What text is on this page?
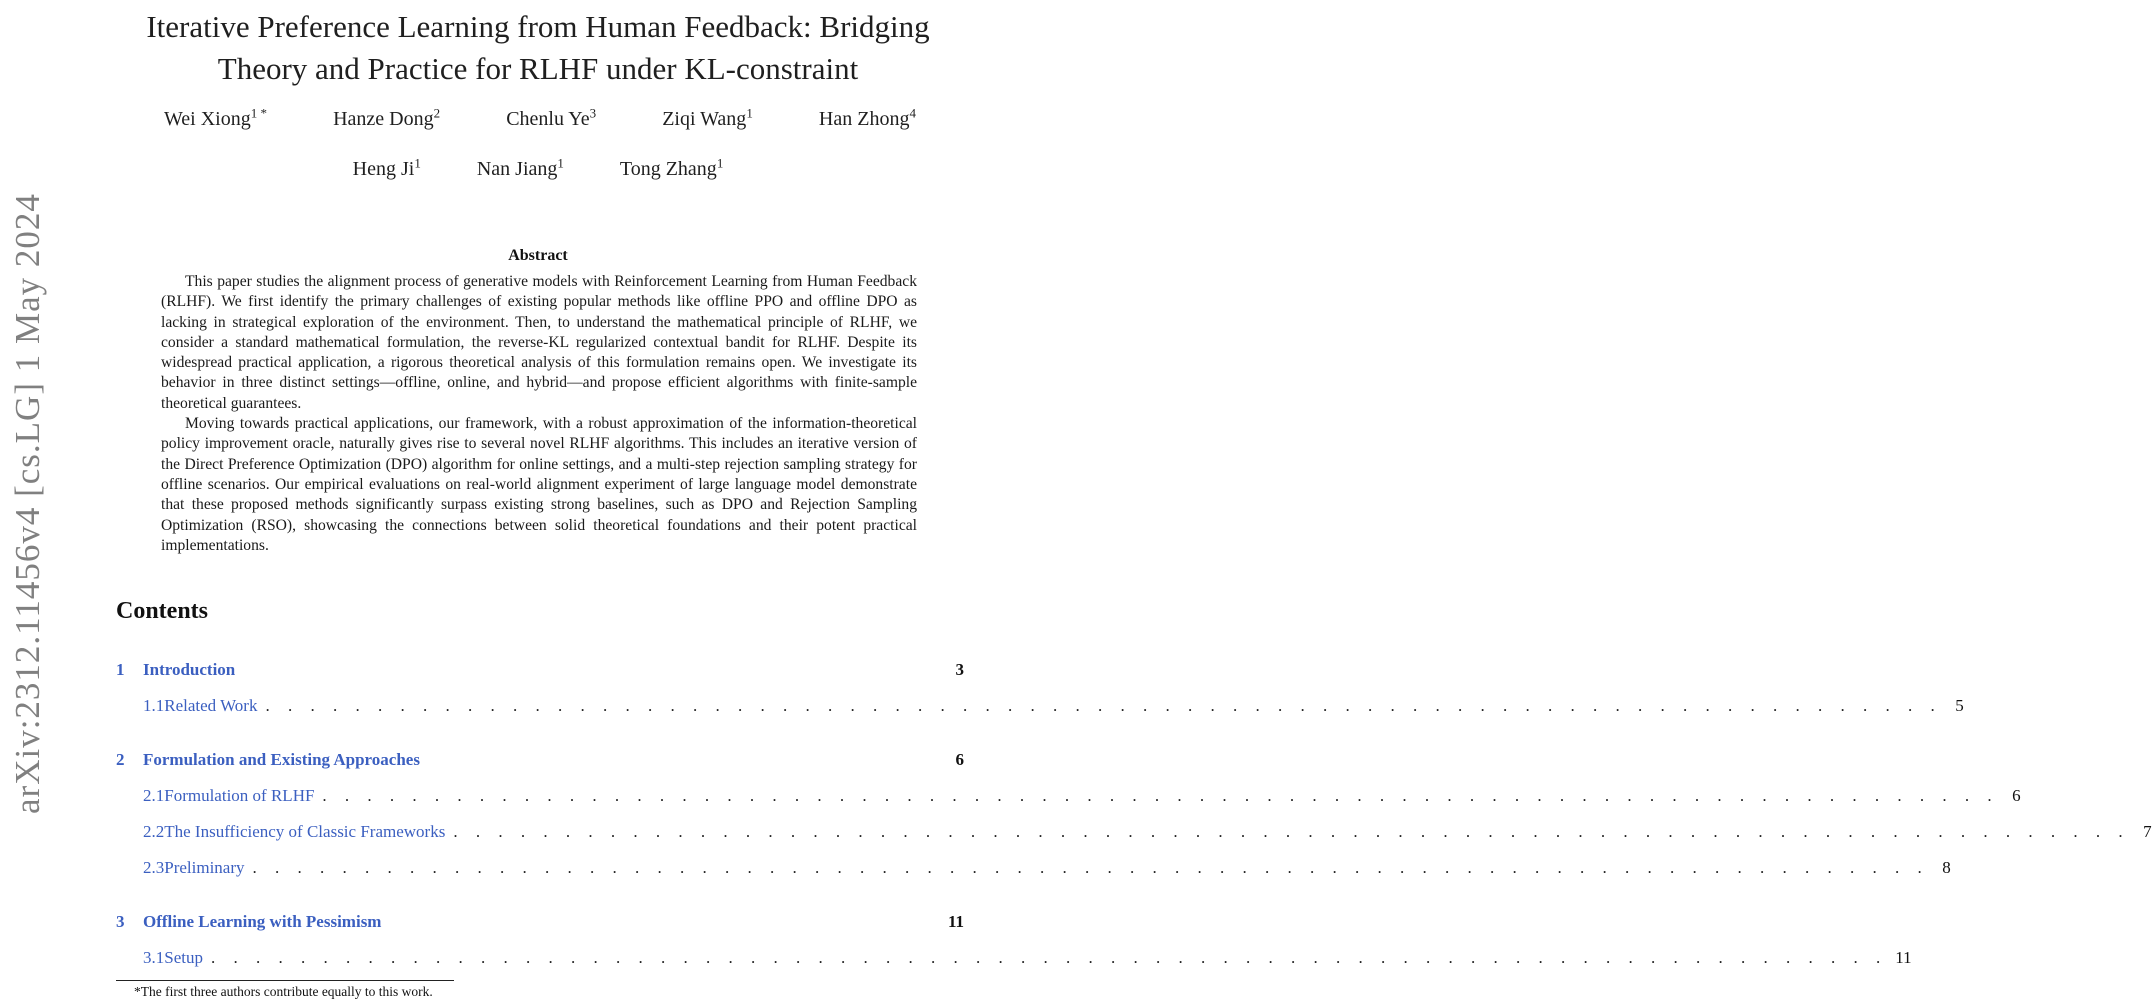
arXiv:2312.11456v4 [cs.LG] 1 May 2024
Iterative Preference Learning from Human Feedback: Bridging
Theory and Practice for RLHF under KL-constraint
Wei Xiong$^{1 *}$	Hanze Dong$^2$	Chenlu Ye$^3$	Ziqi Wang$^1$	Han Zhong$^4$
Heng Ji$^1$	Nan Jiang$^1$	Tong Zhang$^1$
Abstract

This paper studies the alignment process of generative models with Reinforcement Learning from Human Feedback (RLHF). We first identify the primary challenges of existing popular methods like offline PPO and offline DPO as lacking in strategical exploration of the environment. Then, to understand the mathematical principle of RLHF, we consider a standard mathematical formulation, the reverse-KL regularized contextual bandit for RLHF. Despite its widespread practical application, a rigorous theoretical analysis of this formulation remains open. We investigate its behavior in three distinct settings—offline, online, and hybrid—and propose efficient algorithms with finite-sample theoretical guarantees.

Moving towards practical applications, our framework, with a robust approximation of the information-theoretical policy improvement oracle, naturally gives rise to several novel RLHF algorithms. This includes an iterative version of the Direct Preference Optimization (DPO) algorithm for online settings, and a multi-step rejection sampling strategy for offline scenarios. Our empirical evaluations on real-world alignment experiment of large language model demonstrate that these proposed methods significantly surpass existing strong baselines, such as DPO and Rejection Sampling Optimization (RSO), showcasing the connections between solid theoretical foundations and their potent practical implementations.

Contents
1	Introduction	3
1.1 Related Work . . . . . . . . . . . . . . . . . . . . . . . . . . . . . . . . . . . . . . . . . . . . . . . . . . . . . . . . . . . . . . . . . . . . . . . . . . . 5
2	Formulation and Existing Approaches	6
2.1 Formulation of RLHF . . . . . . . . . . . . . . . . . . . . . . . . . . . . . . . . . . . . . . . . . . . . . . . . . . . . . . . . . . . . . . . . . . . . . . . . . . . 6
2.2 The Insufficiency of Classic Frameworks . . . . . . . . . . . . . . . . . . . . . . . . . . . . . . . . . . . . . . . . . . . . . . . . . . . . . . . . . . . . . . . . . . . . . . . . . . . 7
2.3 Preliminary . . . . . . . . . . . . . . . . . . . . . . . . . . . . . . . . . . . . . . . . . . . . . . . . . . . . . . . . . . . . . . . . . . . . . . . . . . . 8
3	Offline Learning with Pessimism	11
3.1 Setup . . . . . . . . . . . . . . . . . . . . . . . . . . . . . . . . . . . . . . . . . . . . . . . . . . . . . . . . . . . . . . . . . . . . . . . . . . . 11
*The first three authors contribute equally to this work.
